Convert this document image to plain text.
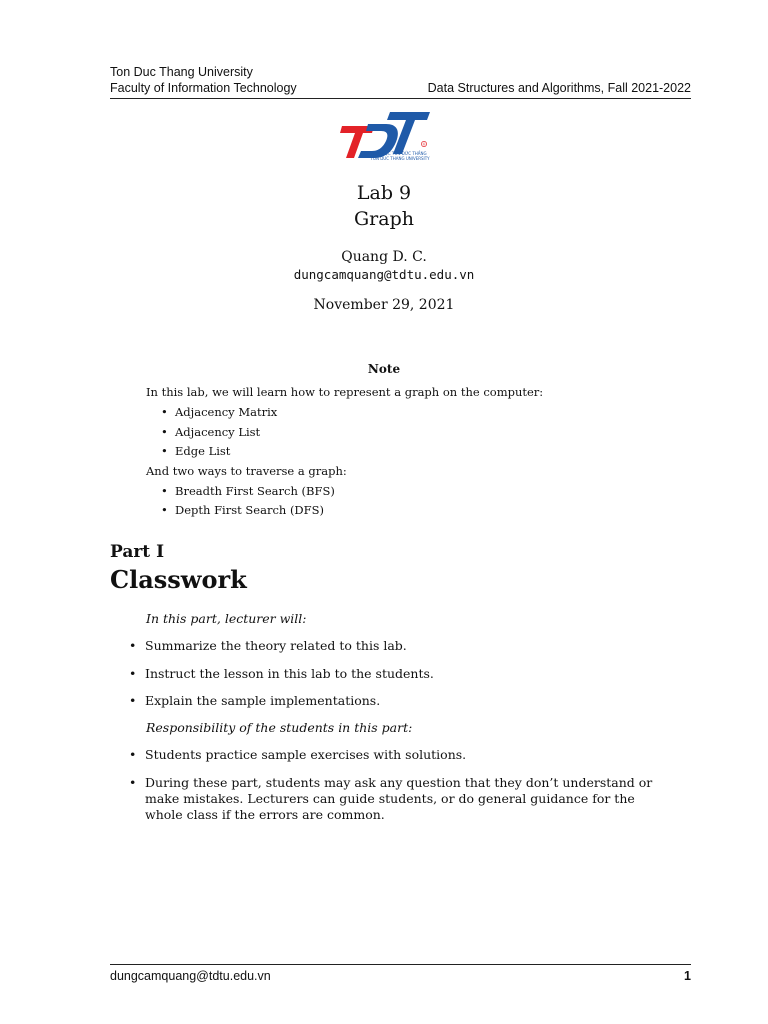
Ton Duc Thang University
Faculty of Information Technology	Data Structures and Algorithms, Fall 2021-2022
®
ĐẠI HỌC TÔN ĐỨC THẮNG
TON DUC THANG UNIVERSITY
Lab 9
Graph
Quang D. C.
dungcamquang@tdtu.edu.vn
November 29, 2021
Note
In this lab, we will learn how to represent a graph on the computer:
• Adjacency Matrix
• Adjacency List
• Edge List
And two ways to traverse a graph:
• Breadth First Search (BFS)
• Depth First Search (DFS)
Part I
Classwork
In this part, lecturer will:
• Summarize the theory related to this lab.
• Instruct the lesson in this lab to the students.
• Explain the sample implementations.
Responsibility of the students in this part:
• Students practice sample exercises with solutions.
• During these part, students may ask any question that they don’t understand or make mistakes. Lecturers can guide students, or do general guidance for the whole class if the errors are common.
dungcamquang@tdtu.edu.vn	1
